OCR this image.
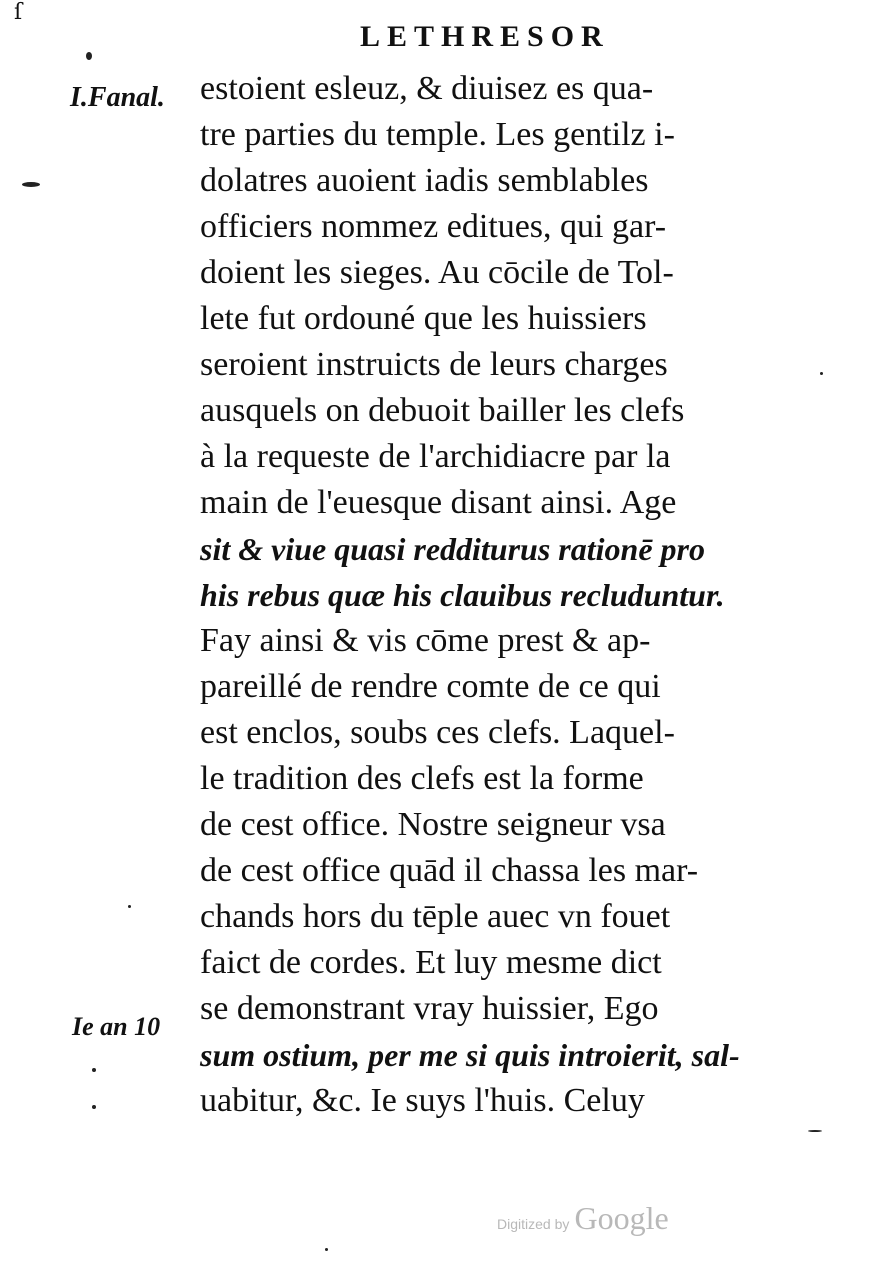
ſ
LETHRESOR
I.Fanal.
Ie an 10
estoient esleuz, & diuisez es qua-
tre parties du temple. Les gentilz i-
dolatres auoient iadis semblables
officiers nommez editues, qui gar-
doient les sieges. Au cōcile de Tol-
lete fut ordouné que les huissiers
seroient instruicts de leurs charges
ausquels on debuoit bailler les clefs
à la requeste de l'archidiacre par la
main de l'euesque disant ainsi. Age
sit & viue quasi redditurus rationē pro
his rebus quæ his clauibus recluduntur.
Fay ainsi & vis cōme prest & ap-
pareillé de rendre comte de ce qui
est enclos, soubs ces clefs. Laquel-
le tradition des clefs est la forme
de cest office. Nostre seigneur vsa
de cest office quād il chassa les mar-
chands hors du tēple auec vn fouet
faict de cordes. Et luy mesme dict
se demonstrant vray huissier, Ego
sum ostium, per me si quis introierit, sal-
uabitur, &c. Ie suys l'huis. Celuy
Digitized by Google
